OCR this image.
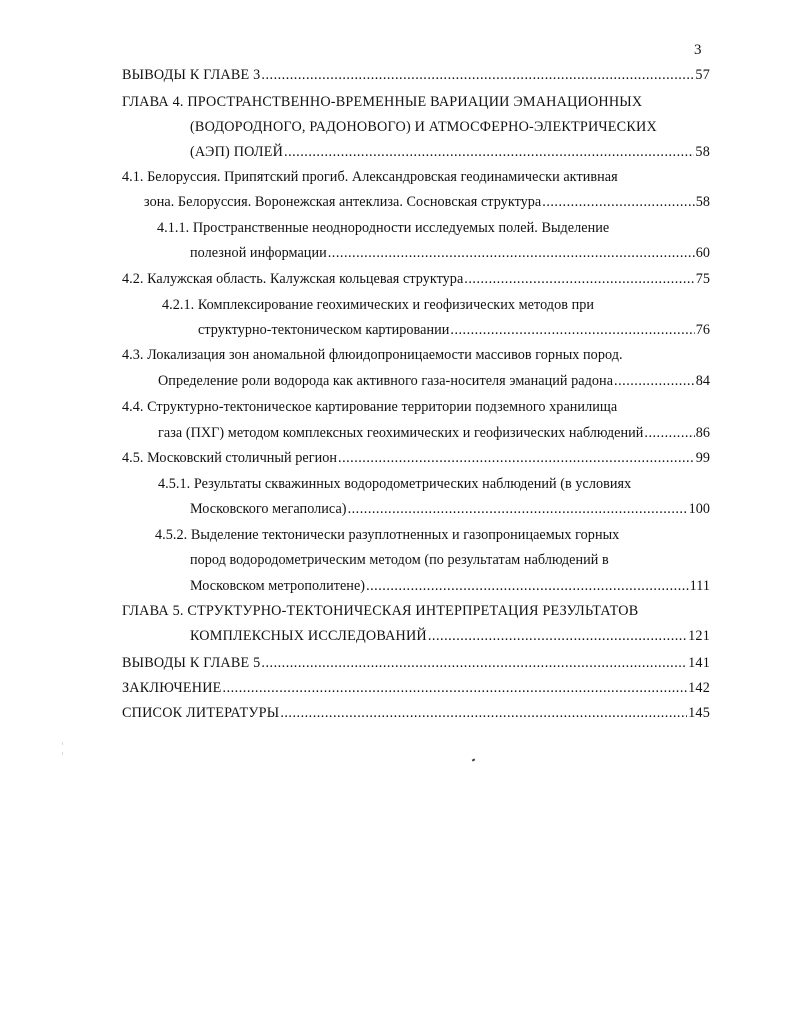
3
ВЫВОДЫ К ГЛАВЕ 3 .....	57
ГЛАВА 4. ПРОСТРАНСТВЕННО-ВРЕМЕННЫЕ ВАРИАЦИИ ЭМАНАЦИОННЫХ
(ВОДОРОДНОГО, РАДОНОВОГО) И АТМОСФЕРНО-ЭЛЕКТРИЧЕСКИХ
(АЭП) ПОЛЕЙ .....	58
4.1. Белоруссия. Припятский прогиб. Александровская геодинамически активная
зона. Белоруссия. Воронежская антеклиза. Сосновская структура .....	58
4.1.1. Пространственные неоднородности исследуемых полей. Выделение
полезной информации .....	60
4.2. Калужская область. Калужская кольцевая структура .....	75
4.2.1. Комплексирование геохимических и геофизических методов при
структурно-тектоническом картировании .....	76
4.3. Локализация зон аномальной флюидопроницаемости массивов горных пород.
Определение роли водорода как активного газа-носителя эманаций радона .....	84
4.4. Структурно-тектоническое картирование территории подземного хранилища
газа (ПХГ) методом комплексных геохимических и геофизических наблюдений .....	86
4.5. Московский столичный регион .....	99
4.5.1. Результаты скважинных водородометрических наблюдений (в условиях
Московского мегаполиса) .....	100
4.5.2. Выделение тектонически разуплотненных и газопроницаемых горных
пород водородометрическим методом (по результатам наблюдений в
Московском метрополитене) .....	111
ГЛАВА 5. СТРУКТУРНО-ТЕКТОНИЧЕСКАЯ ИНТЕРПРЕТАЦИЯ РЕЗУЛЬТАТОВ
КОМПЛЕКСНЫХ ИССЛЕДОВАНИЙ .....	121
ВЫВОДЫ К ГЛАВЕ 5 .....	141
ЗАКЛЮЧЕНИЕ .....	142
СПИСОК ЛИТЕРАТУРЫ .....	145
